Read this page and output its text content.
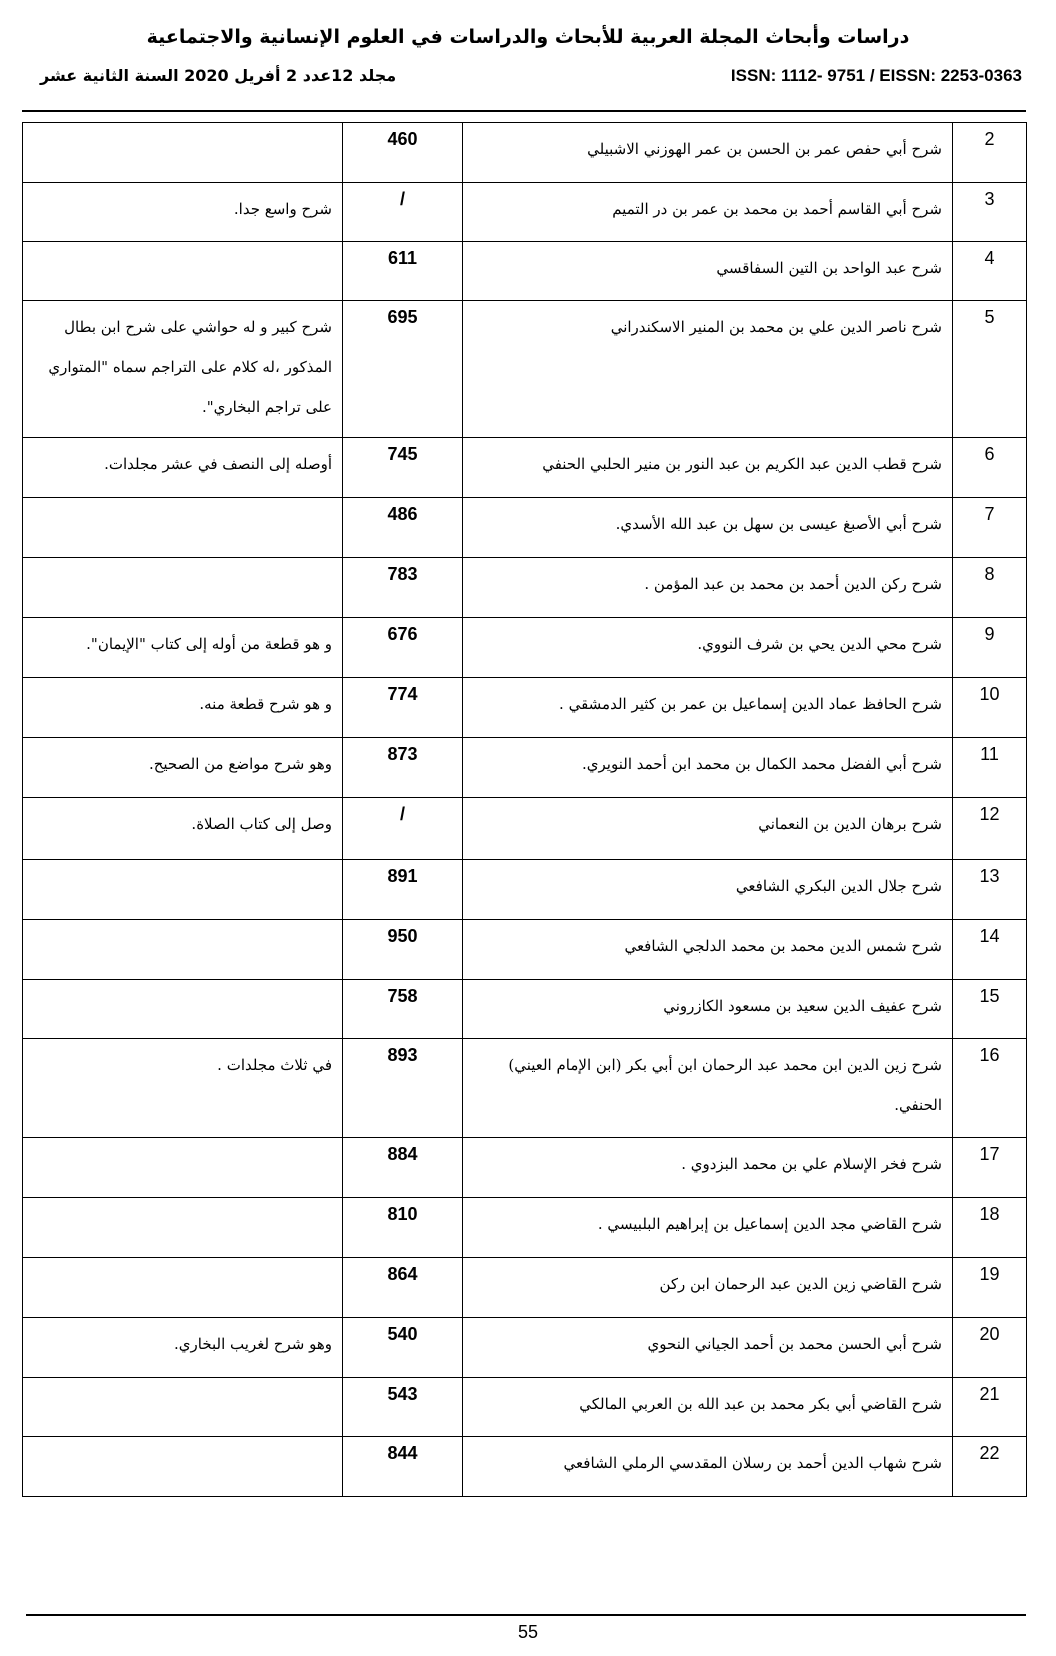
دراسات وأبحاث المجلة العربية للأبحاث والدراسات في العلوم الإنسانية والاجتماعية
مجلد 12عدد 2 أفريل 2020 السنة الثانية عشر	ISSN: 1112- 9751 / EISSN: 2253-0363
2	شرح أبي حفص عمر بن الحسن بن عمر الهوزني الاشبيلي	460	
3	شرح أبي القاسم أحمد بن محمد بن عمر بن در التميم	/	شرح واسع جدا.
4	شرح عبد الواحد بن التين السفاقسي	611	
5	شرح ناصر الدين علي بن محمد بن المنير الاسكندراني	695	شرح كبير و له حواشي على شرح ابن بطال المذكور ،له كلام على التراجم سماه "المتواري على تراجم البخاري".
6	شرح قطب الدين عبد الكريم بن عبد النور بن منير الحلبي الحنفي	745	أوصله إلى النصف في عشر مجلدات.
7	شرح أبي الأصبغ عيسى بن سهل بن عبد الله الأسدي.	486	
8	شرح ركن الدين أحمد بن محمد بن عبد المؤمن .	783	
9	شرح محي الدين يحي بن شرف النووي.	676	و هو قطعة من أوله إلى كتاب "الإيمان".
10	شرح الحافظ عماد الدين إسماعيل بن عمر بن كثير الدمشقي .	774	و هو شرح قطعة منه.
11	شرح أبي الفضل محمد الكمال بن محمد ابن أحمد النويري.	873	وهو شرح مواضع من الصحيح.
12	شرح برهان الدين بن النعماني	/	وصل إلى كتاب الصلاة.
13	شرح جلال الدين البكري الشافعي	891	
14	شرح شمس الدين محمد بن محمد الدلجي الشافعي	950	
15	شرح عفيف الدين سعيد بن مسعود الكازروني	758	
16	شرح زين الدين ابن محمد عبد الرحمان ابن أبي بكر (ابن الإمام العيني) الحنفي.	893	في ثلاث مجلدات .
17	شرح فخر الإسلام علي بن محمد البزدوي .	884	
18	شرح القاضي مجد الدين إسماعيل بن إبراهيم البلبيسي .	810	
19	شرح القاضي زين الدين عبد الرحمان ابن ركن	864	
20	شرح أبي الحسن محمد بن أحمد الجياني النحوي	540	وهو شرح لغريب البخاري.
21	شرح القاضي أبي بكر محمد بن عبد الله بن العربي المالكي	543	
22	شرح شهاب الدين أحمد بن رسلان المقدسي الرملي الشافعي	844	
55
